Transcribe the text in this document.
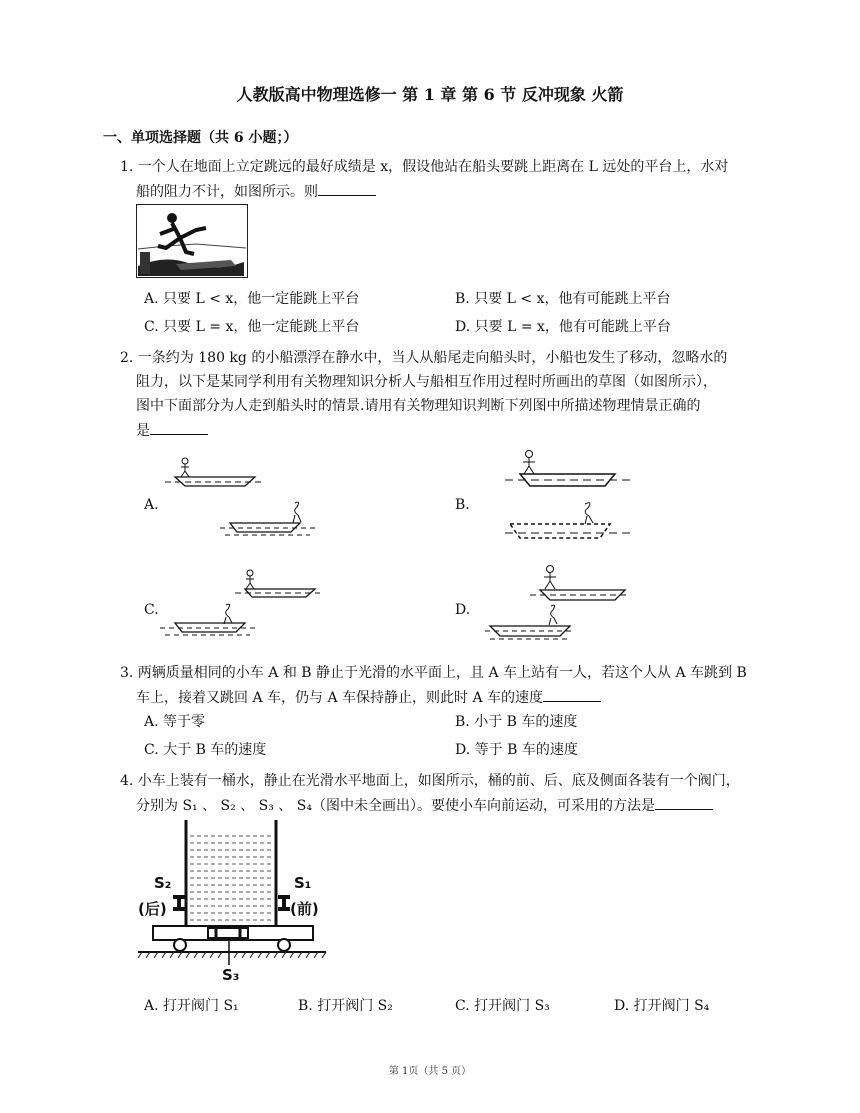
人教版高中物理选修一 第 1 章 第 6 节 反冲现象 火箭
一、单项选择题（共 6 小题；）
1. 一个人在地面上立定跳远的最好成绩是 x，假设他站在船头要跳上距离在 L 远处的平台上，水对
船的阻力不计，如图所示。则
A. 只要 L < x，他一定能跳上平台	B. 只要 L < x，他有可能跳上平台
C. 只要 L = x，他一定能跳上平台	D. 只要 L = x，他有可能跳上平台
2. 一条约为 180 kg 的小船漂浮在静水中，当人从船尾走向船头时，小船也发生了移动，忽略水的
阻力，以下是某同学利用有关物理知识分析人与船相互作用过程时所画出的草图（如图所示），
图中下面部分为人走到船头时的情景.请用有关物理知识判断下列图中所描述物理情景正确的
是
A.	B.
C.	D.
3. 两辆质量相同的小车 A 和 B 静止于光滑的水平面上，且 A 车上站有一人，若这个人从 A 车跳到 B
车上，接着又跳回 A 车，仍与 A 车保持静止，则此时 A 车的速度
A. 等于零	B. 小于 B 车的速度
C. 大于 B 车的速度	D. 等于 B 车的速度
4. 小车上装有一桶水，静止在光滑水平地面上，如图所示，桶的前、后、底及侧面各装有一个阀门，
分别为 S₁ 、 S₂ 、 S₃ 、 S₄（图中未全画出）。要使小车向前运动，可采用的方法是
S₂
(后)
S₁
(前)
S₃
A. 打开阀门 S₁	B. 打开阀门 S₂	C. 打开阀门 S₃	D. 打开阀门 S₄
第 1页（共 5 页）
